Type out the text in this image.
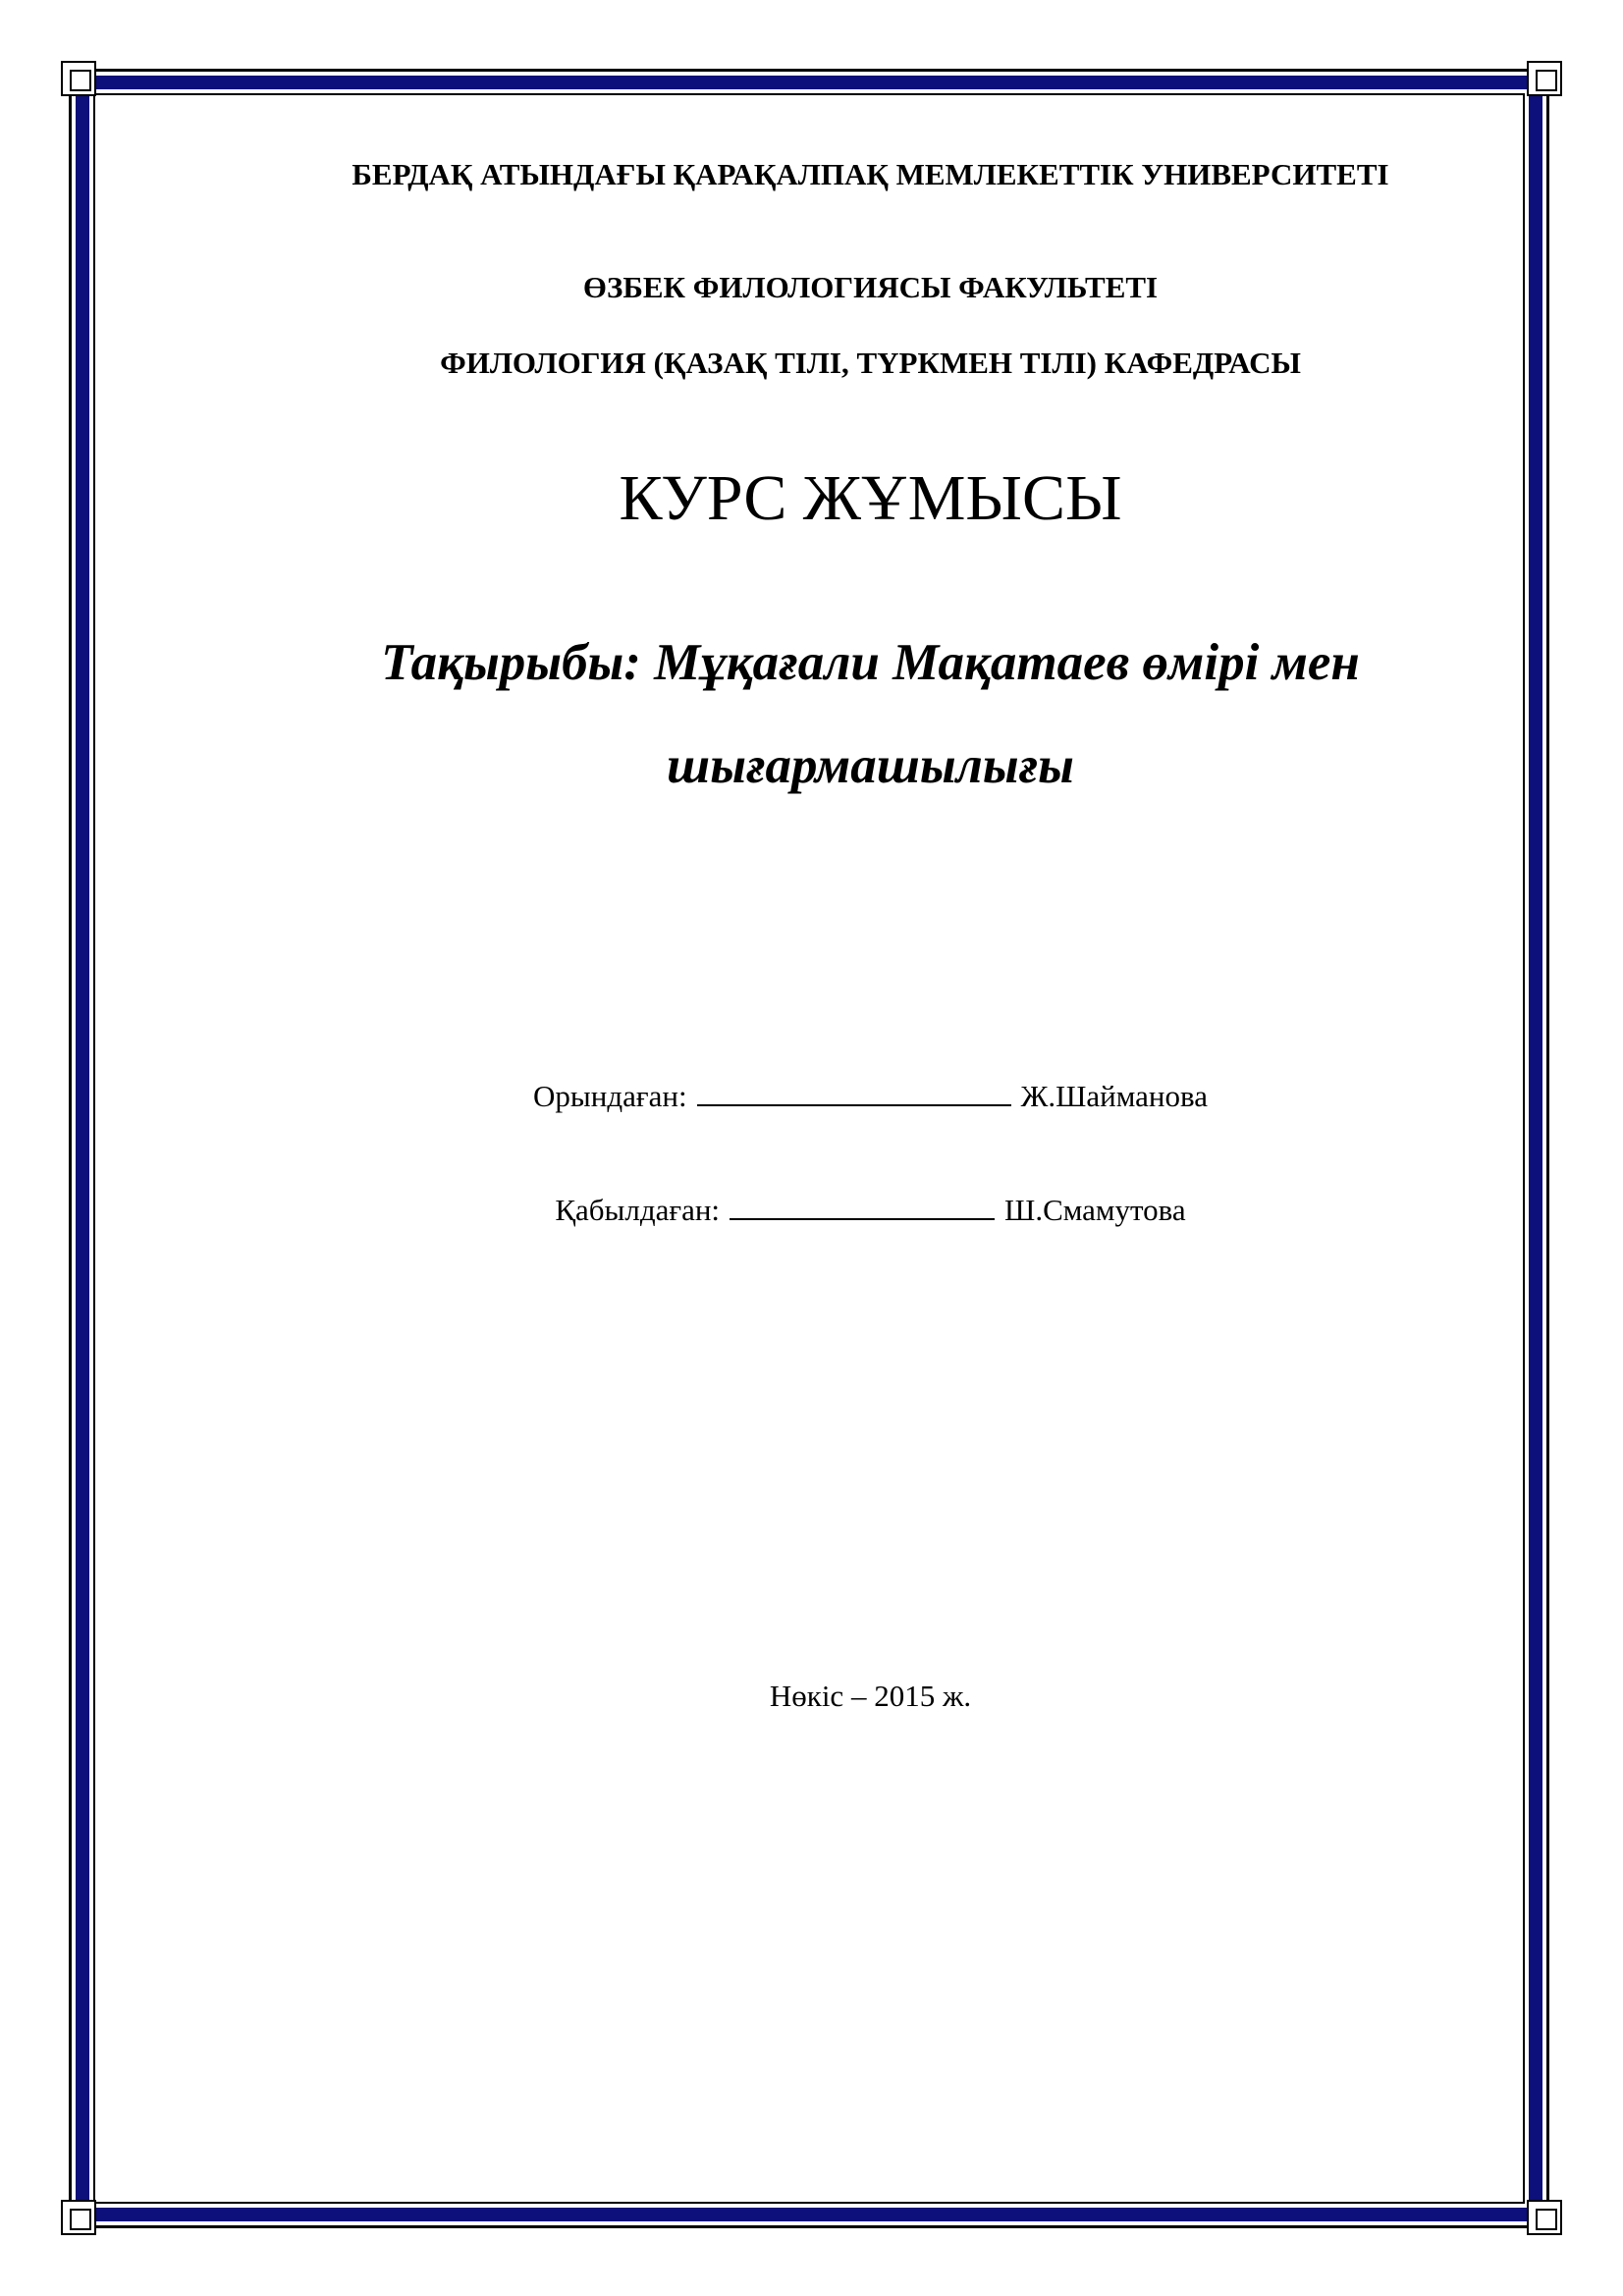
БЕРДАҚ АТЫНДАҒЫ ҚАРАҚАЛПАҚ МЕМЛЕКЕТТІК УНИВЕРСИТЕТІ
ӨЗБЕК ФИЛОЛОГИЯСЫ ФАКУЛЬТЕТІ
ФИЛОЛОГИЯ (ҚАЗАҚ ТІЛІ, ТҮРКМЕН ТІЛІ) КАФЕДРАСЫ
КУРС ЖҰМЫСЫ
Тақырыбы: Мұқағали Мақатаев өмірі мен
шығармашылығы
Орындаған:	Ж.Шайманова
Қабылдаған:	Ш.Смамутова
Нөкіс – 2015 ж.
